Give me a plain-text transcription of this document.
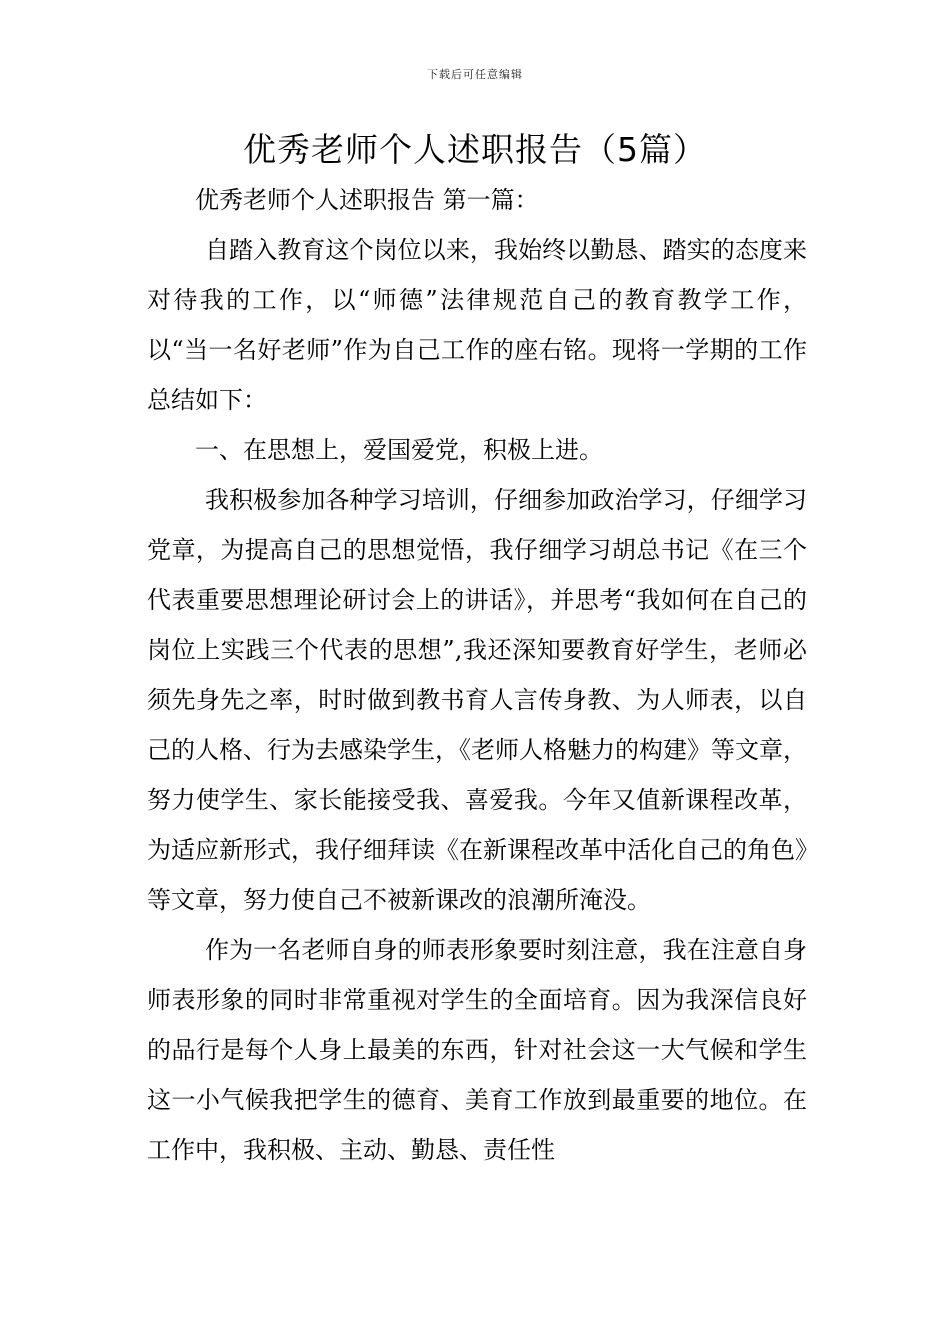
下载后可任意编辑
优秀老师个人述职报告（5篇）

优秀老师个人述职报告 第一篇：

自踏入教育这个岗位以来，我始终以勤恳、踏实的态度来对待我的工作，以“师德”法律规范自己的教育教学工作，以“当一名好老师”作为自己工作的座右铭。现将一学期的工作总结如下：

一、在思想上，爱国爱党，积极上进。

我积极参加各种学习培训，仔细参加政治学习，仔细学习党章，为提高自己的思想觉悟，我仔细学习胡总书记《在三个代表重要思想理论研讨会上的讲话》，并思考“我如何在自己的岗位上实践三个代表的思想”,我还深知要教育好学生，老师必须先身先之率，时时做到教书育人言传身教、为人师表，以自己的人格、行为去感染学生，《老师人格魅力的构建》等文章，努力使学生、家长能接受我、喜爱我。今年又值新课程改革，为适应新形式，我仔细拜读《在新课程改革中活化自己的角色》等文章，努力使自己不被新课改的浪潮所淹没。

作为一名老师自身的师表形象要时刻注意，我在注意自身师表形象的同时非常重视对学生的全面培育。因为我深信良好的品行是每个人身上最美的东西，针对社会这一大气候和学生这一小气候我把学生的德育、美育工作放到最重要的地位。在工作中，我积极、主动、勤恳、责任性
